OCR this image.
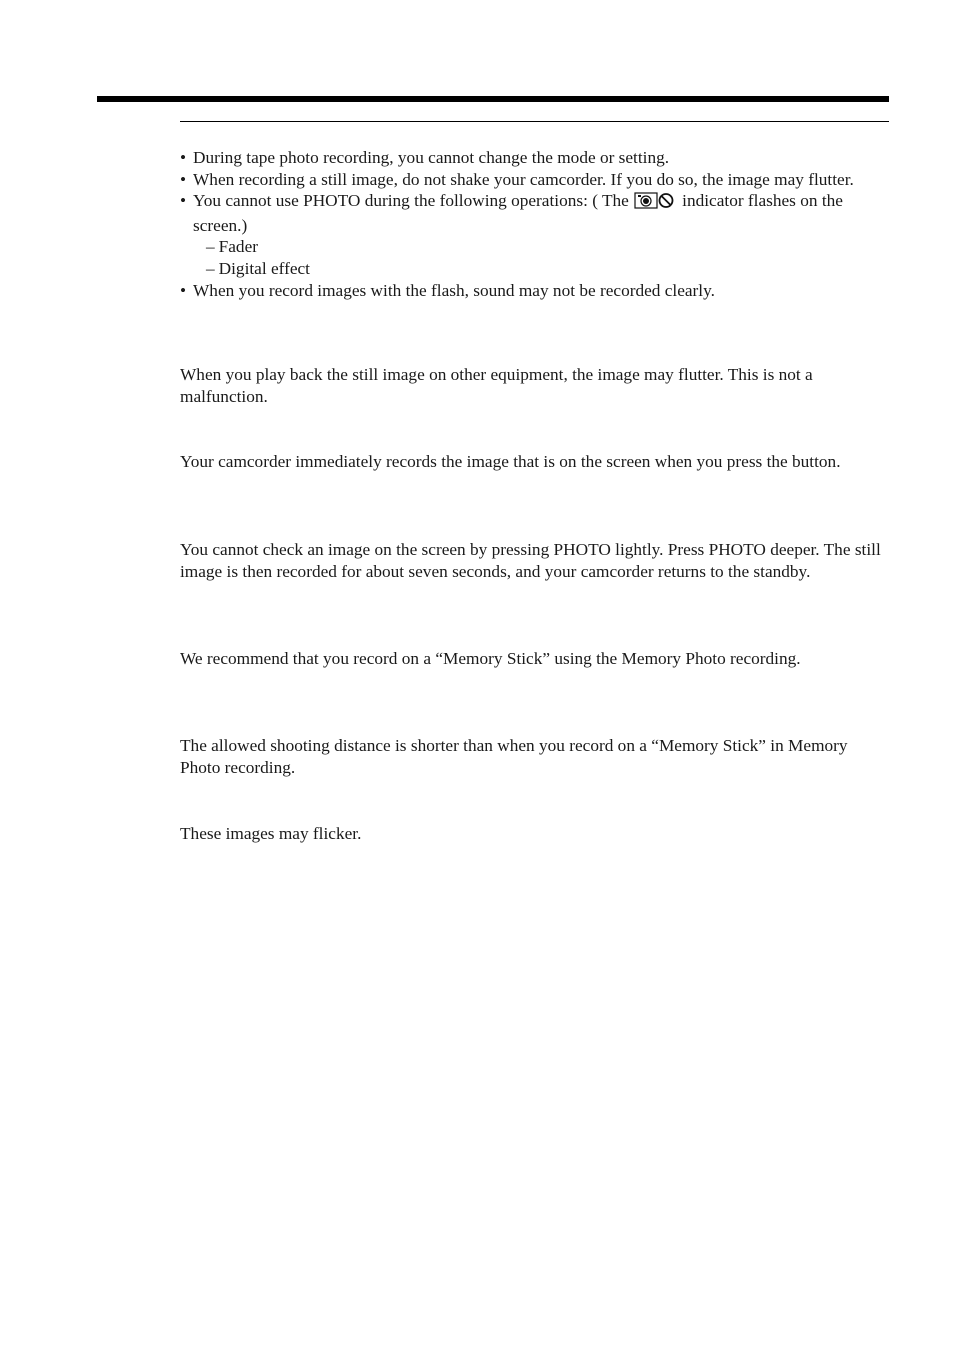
• During tape photo recording, you cannot change the mode or setting.
• When recording a still image, do not shake your camcorder. If you do so, the image may flutter.
• You cannot use PHOTO during the following operations: ( The	indicator flashes on the screen.)
– Fader
– Digital effect
• When you record images with the flash, sound may not be recorded clearly.

When you play back the still image on other equipment, the image may flutter. This is not a malfunction.

Your camcorder immediately records the image that is on the screen when you press the button.

You cannot check an image on the screen by pressing PHOTO lightly. Press PHOTO deeper. The still image is then recorded for about seven seconds, and your camcorder returns to the standby.

We recommend that you record on a “Memory Stick” using the Memory Photo recording.

The allowed shooting distance is shorter than when you record on a “Memory Stick” in Memory Photo recording.

These images may flicker.
